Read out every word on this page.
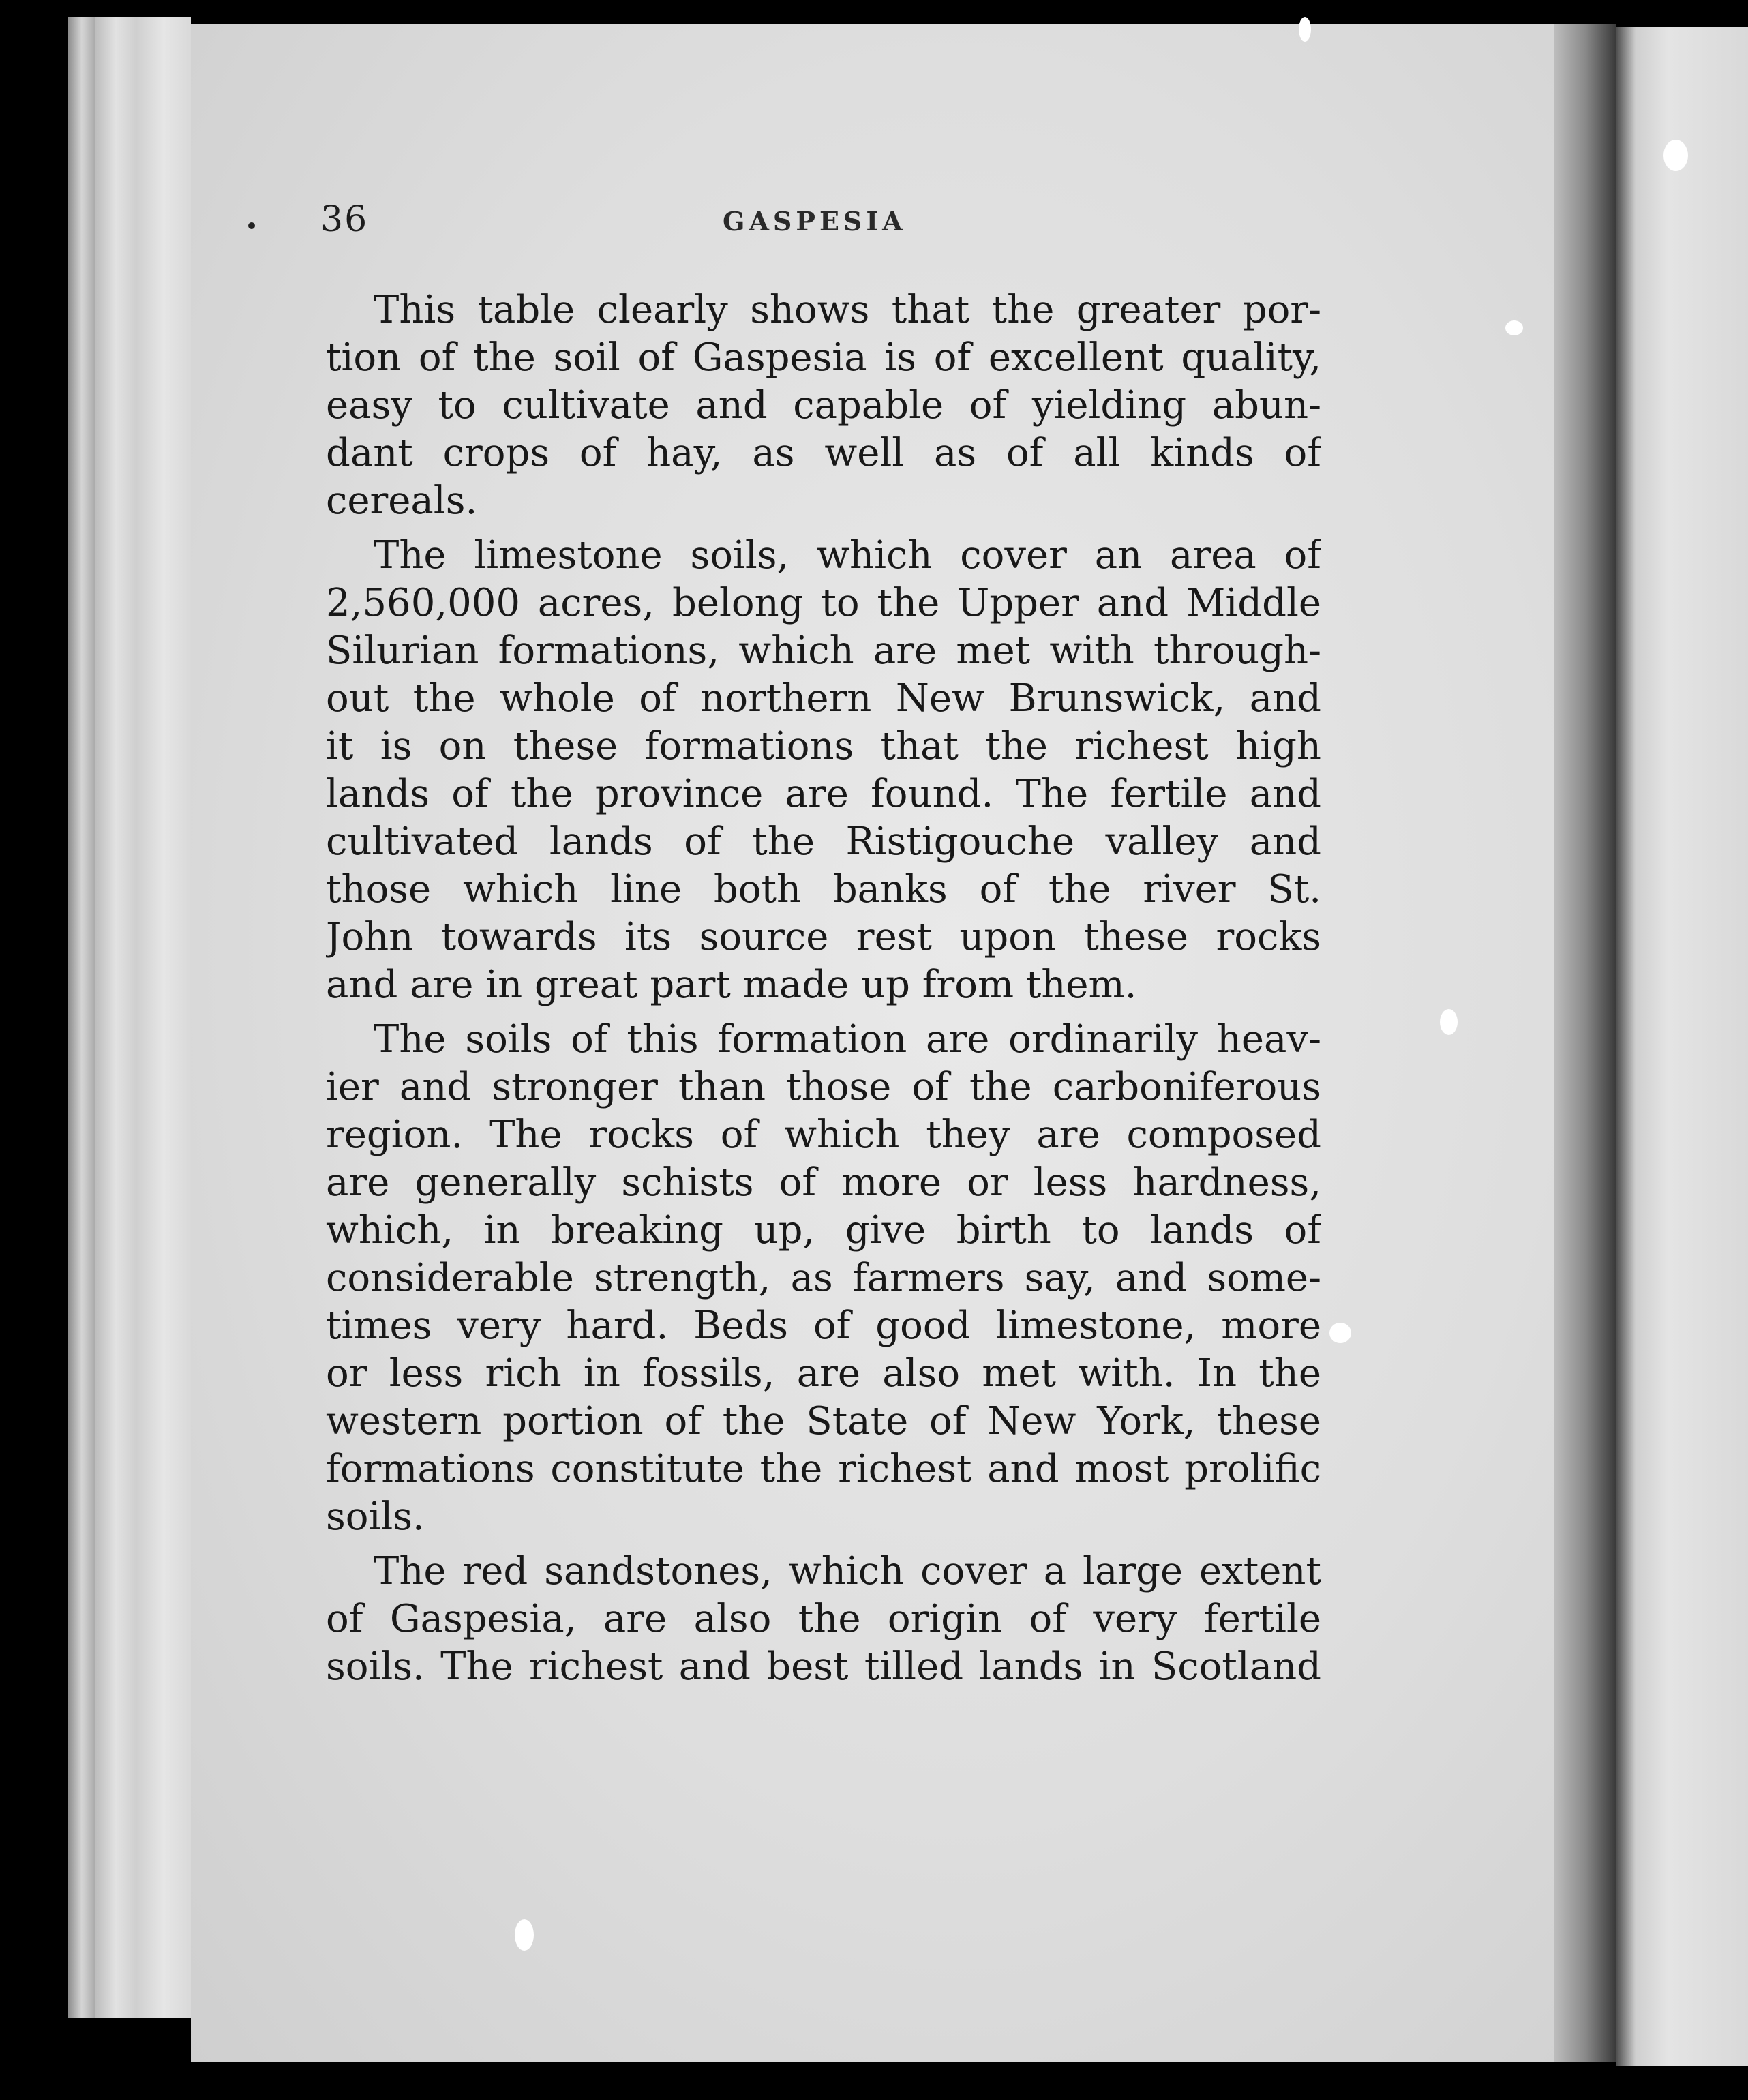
36	GASPESIA
This table clearly shows that the greater por-
tion of the soil of Gaspesia is of excellent quality,
easy to cultivate and capable of yielding abun-
dant crops of hay, as well as of all kinds of
cereals.
The limestone soils, which cover an area of
2,560,000 acres, belong to the Upper and Middle
Silurian formations, which are met with through-
out the whole of northern New Brunswick, and
it is on these formations that the richest high
lands of the province are found. The fertile and
cultivated lands of the Ristigouche valley and
those which line both banks of the river St.
John towards its source rest upon these rocks
and are in great part made up from them.
The soils of this formation are ordinarily heav-
ier and stronger than those of the carboniferous
region. The rocks of which they are composed
are generally schists of more or less hardness,
which, in breaking up, give birth to lands of
considerable strength, as farmers say, and some-
times very hard. Beds of good limestone, more
or less rich in fossils, are also met with. In the
western portion of the State of New York, these
formations constitute the richest and most prolific
soils.
The red sandstones, which cover a large extent
of Gaspesia, are also the origin of very fertile
soils. The richest and best tilled lands in Scotland
